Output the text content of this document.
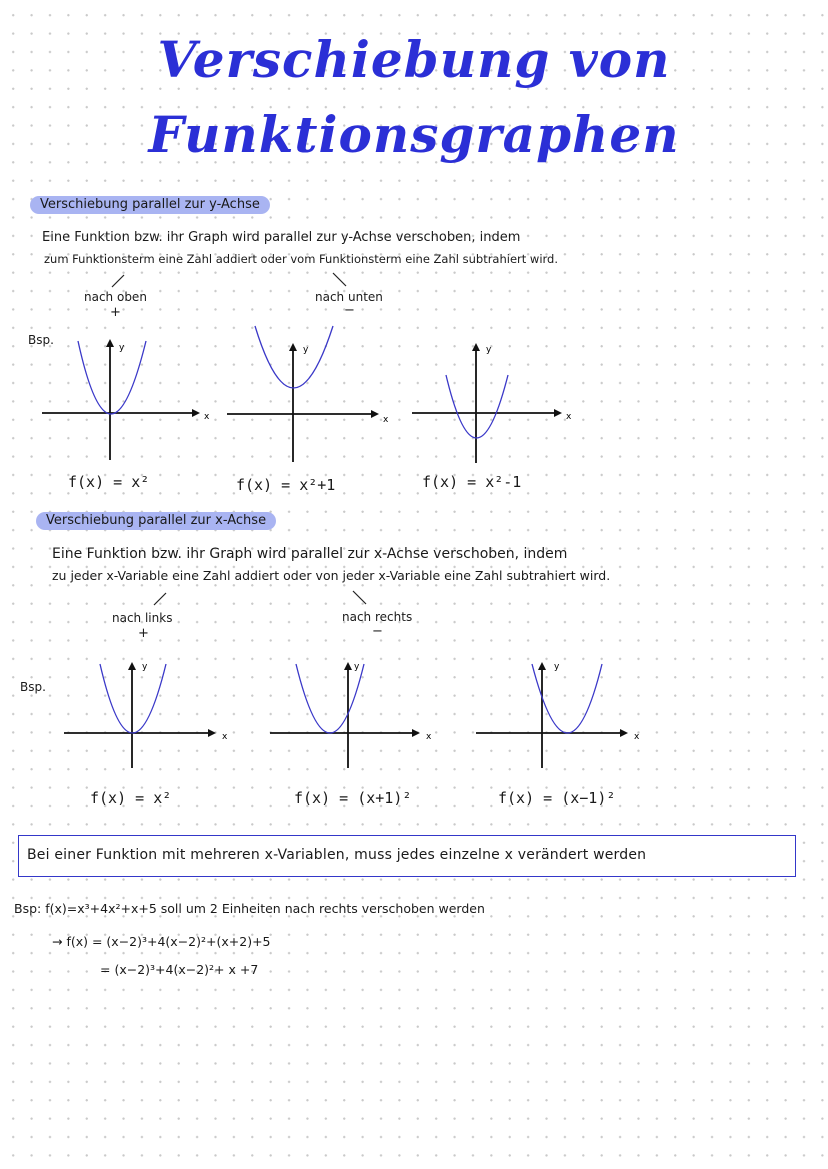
Verschiebung von
Funktionsgraphen
Verschiebung parallel zur y-Achse
Eine Funktion bzw. ihr Graph wird parallel zur y-Achse verschoben, indem
zum Funktionsterm eine Zahl addiert oder vom Funktionsterm eine Zahl subtrahiert wird.
nach oben
+
nach unten
−
Bsp.
y
x
y
x
y
x
f(x) = x²	f(x) = x²+1	f(x) = x²-1
Verschiebung parallel zur x-Achse
Eine Funktion bzw. ihr Graph wird parallel zur x-Achse verschoben, indem
zu jeder x-Variable eine Zahl addiert oder von jeder x-Variable eine Zahl subtrahiert wird.
nach links
+
nach rechts
−
Bsp.
y
x
y
x
y
x
f(x) = x²	f(x) = (x+1)²	f(x) = (x−1)²
Bei einer Funktion mit mehreren x-Variablen, muss jedes einzelne x verändert werden
Bsp: f(x)=x³+4x²+x+5 soll um 2 Einheiten nach rechts verschoben werden
→ f(x) = (x−2)³+4(x−2)²+(x+2)+5
= (x−2)³+4(x−2)²+ x +7
